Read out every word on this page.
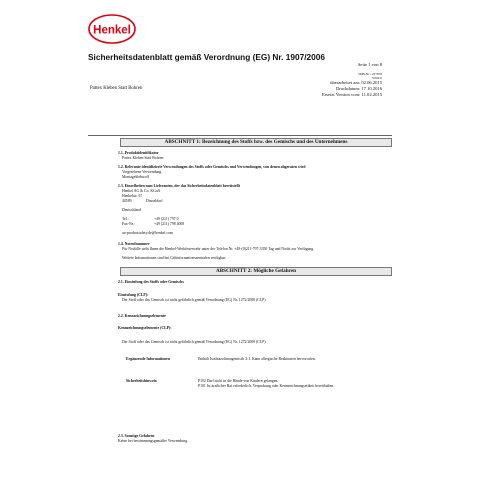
Henkel
Sicherheitsdatenblatt gemäß Verordnung (EG) Nr. 1907/2006
Seite 1 von 8
SDB-Nr.: 237976
V002.0
überarbeitet am: 02.06.2015
Druckdatum: 17.10.2016
Ersetzt Version vom: 11.02.2015
Pattex Kleben Statt Bohren
ABSCHNITT 1: Bezeichnung des Stoffs bzw. des Gemischs und des Unternehmens
1.1. Produktidentifikator
Pattex Kleben Statt Bohren
1.2. Relevante identifizierte Verwendungen des Stoffs oder Gemischs und Verwendungen, von denen abgeraten wird
Vorgesehene Verwendung
Montageklebstoff
1.3. Einzelheiten zum Lieferanten, der das Sicherheitsdatenblatt bereitstellt
Henkel AG & Co. KGaA
Henkelstr. 67
40589	Düsseldorf
Deutschland
Tel.:	+49 (211) 797 0
Fax-Nr.:	+49 (211) 798 4008
ua-productsafety.de@henkel.com
1.4. Notrufnummer
Für Notfälle steht Ihnen die Henkel-Werkfeuerwehr unter der Telefon Nr. +49-(0)211-797-3350 Tag und Nacht zur Verfügung.
Weitere Informationen sind bei Giftinformationszentralen verfügbar.
ABSCHNITT 2: Mögliche Gefahren
2.1. Einstufung des Stoffs oder Gemischs
Einstufung (CLP):
Der Stoff oder das Gemisch ist nicht gefährlich gemäß Verordnung (EG) Nr. 1272/2008 (CLP).
2.2. Kennzeichnungselemente
Kennzeichnungselemente (CLP):
Der Stoff oder das Gemisch ist nicht gefährlich gemäß Verordnung (EG) Nr. 1272/2008 (CLP).
Ergänzende Informationen	Enthält Isothiazolinongemisch 3:1. Kann allergische Reaktionen hervorrufen.
Sicherheitshinweis:	P102 Darf nicht in die Hände von Kindern gelangen.
P101 Ist ärztlicher Rat erforderlich, Verpackung oder Kennzeichnungsetikett bereithalten.
2.3. Sonstige Gefahren
Keine bei bestimmungsgemäßer Verwendung.
